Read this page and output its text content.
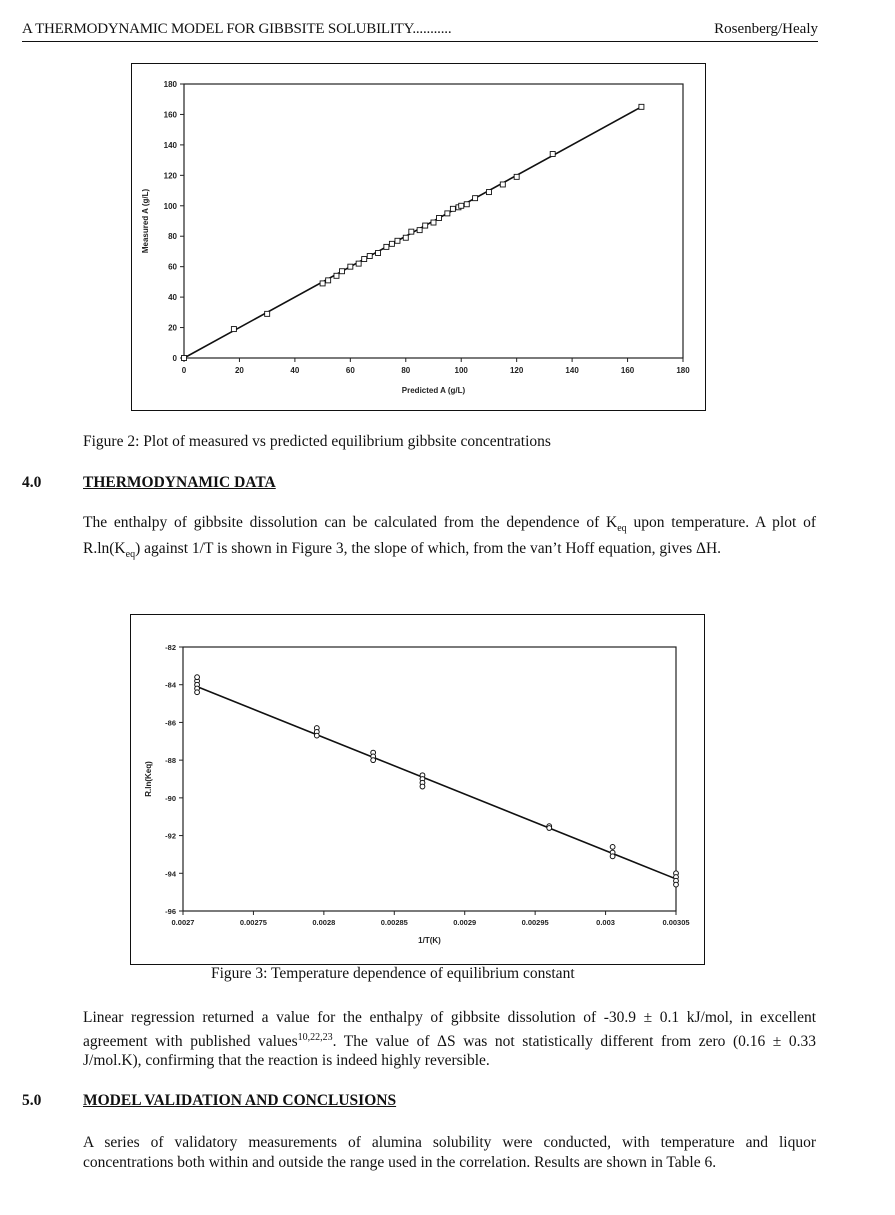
A THERMODYNAMIC MODEL FOR GIBBSITE SOLUBILITY...........	Rosenberg/Healy
0	20	40	60	80	100	120	140	160	180
0
20
40
60
80
100
120
140
160
180
Predicted A (g/L)
Measured A (g/L)
Figure 2: Plot of measured vs predicted equilibrium gibbsite concentrations
4.0	THERMODYNAMIC DATA

The enthalpy of gibbsite dissolution can be calculated from the dependence of $K_{eq}$ upon temperature. A plot of $R.\ln(K_{eq})$ against 1/T is shown in Figure 3, the slope of which, from the van’t Hoff equation, gives ΔH.

0.0027	0.00275	0.0028	0.00285	0.0029	0.00295	0.003	0.00305
-82
-84
-86
-88
-90
-92
-94
-96
1/T(K)
R.ln(Keq)
Figure 3: Temperature dependence of equilibrium constant

Linear regression returned a value for the enthalpy of gibbsite dissolution of -30.9 ± 0.1 kJ/mol, in excellent agreement with published values$^{10,22,23}$. The value of ΔS was not statistically different from zero (0.16 ± 0.33 J/mol.K), confirming that the reaction is indeed highly reversible.

5.0	MODEL VALIDATION AND CONCLUSIONS

A series of validatory measurements of alumina solubility were conducted, with temperature and liquor concentrations both within and outside the range used in the correlation. Results are shown in Table 6.
